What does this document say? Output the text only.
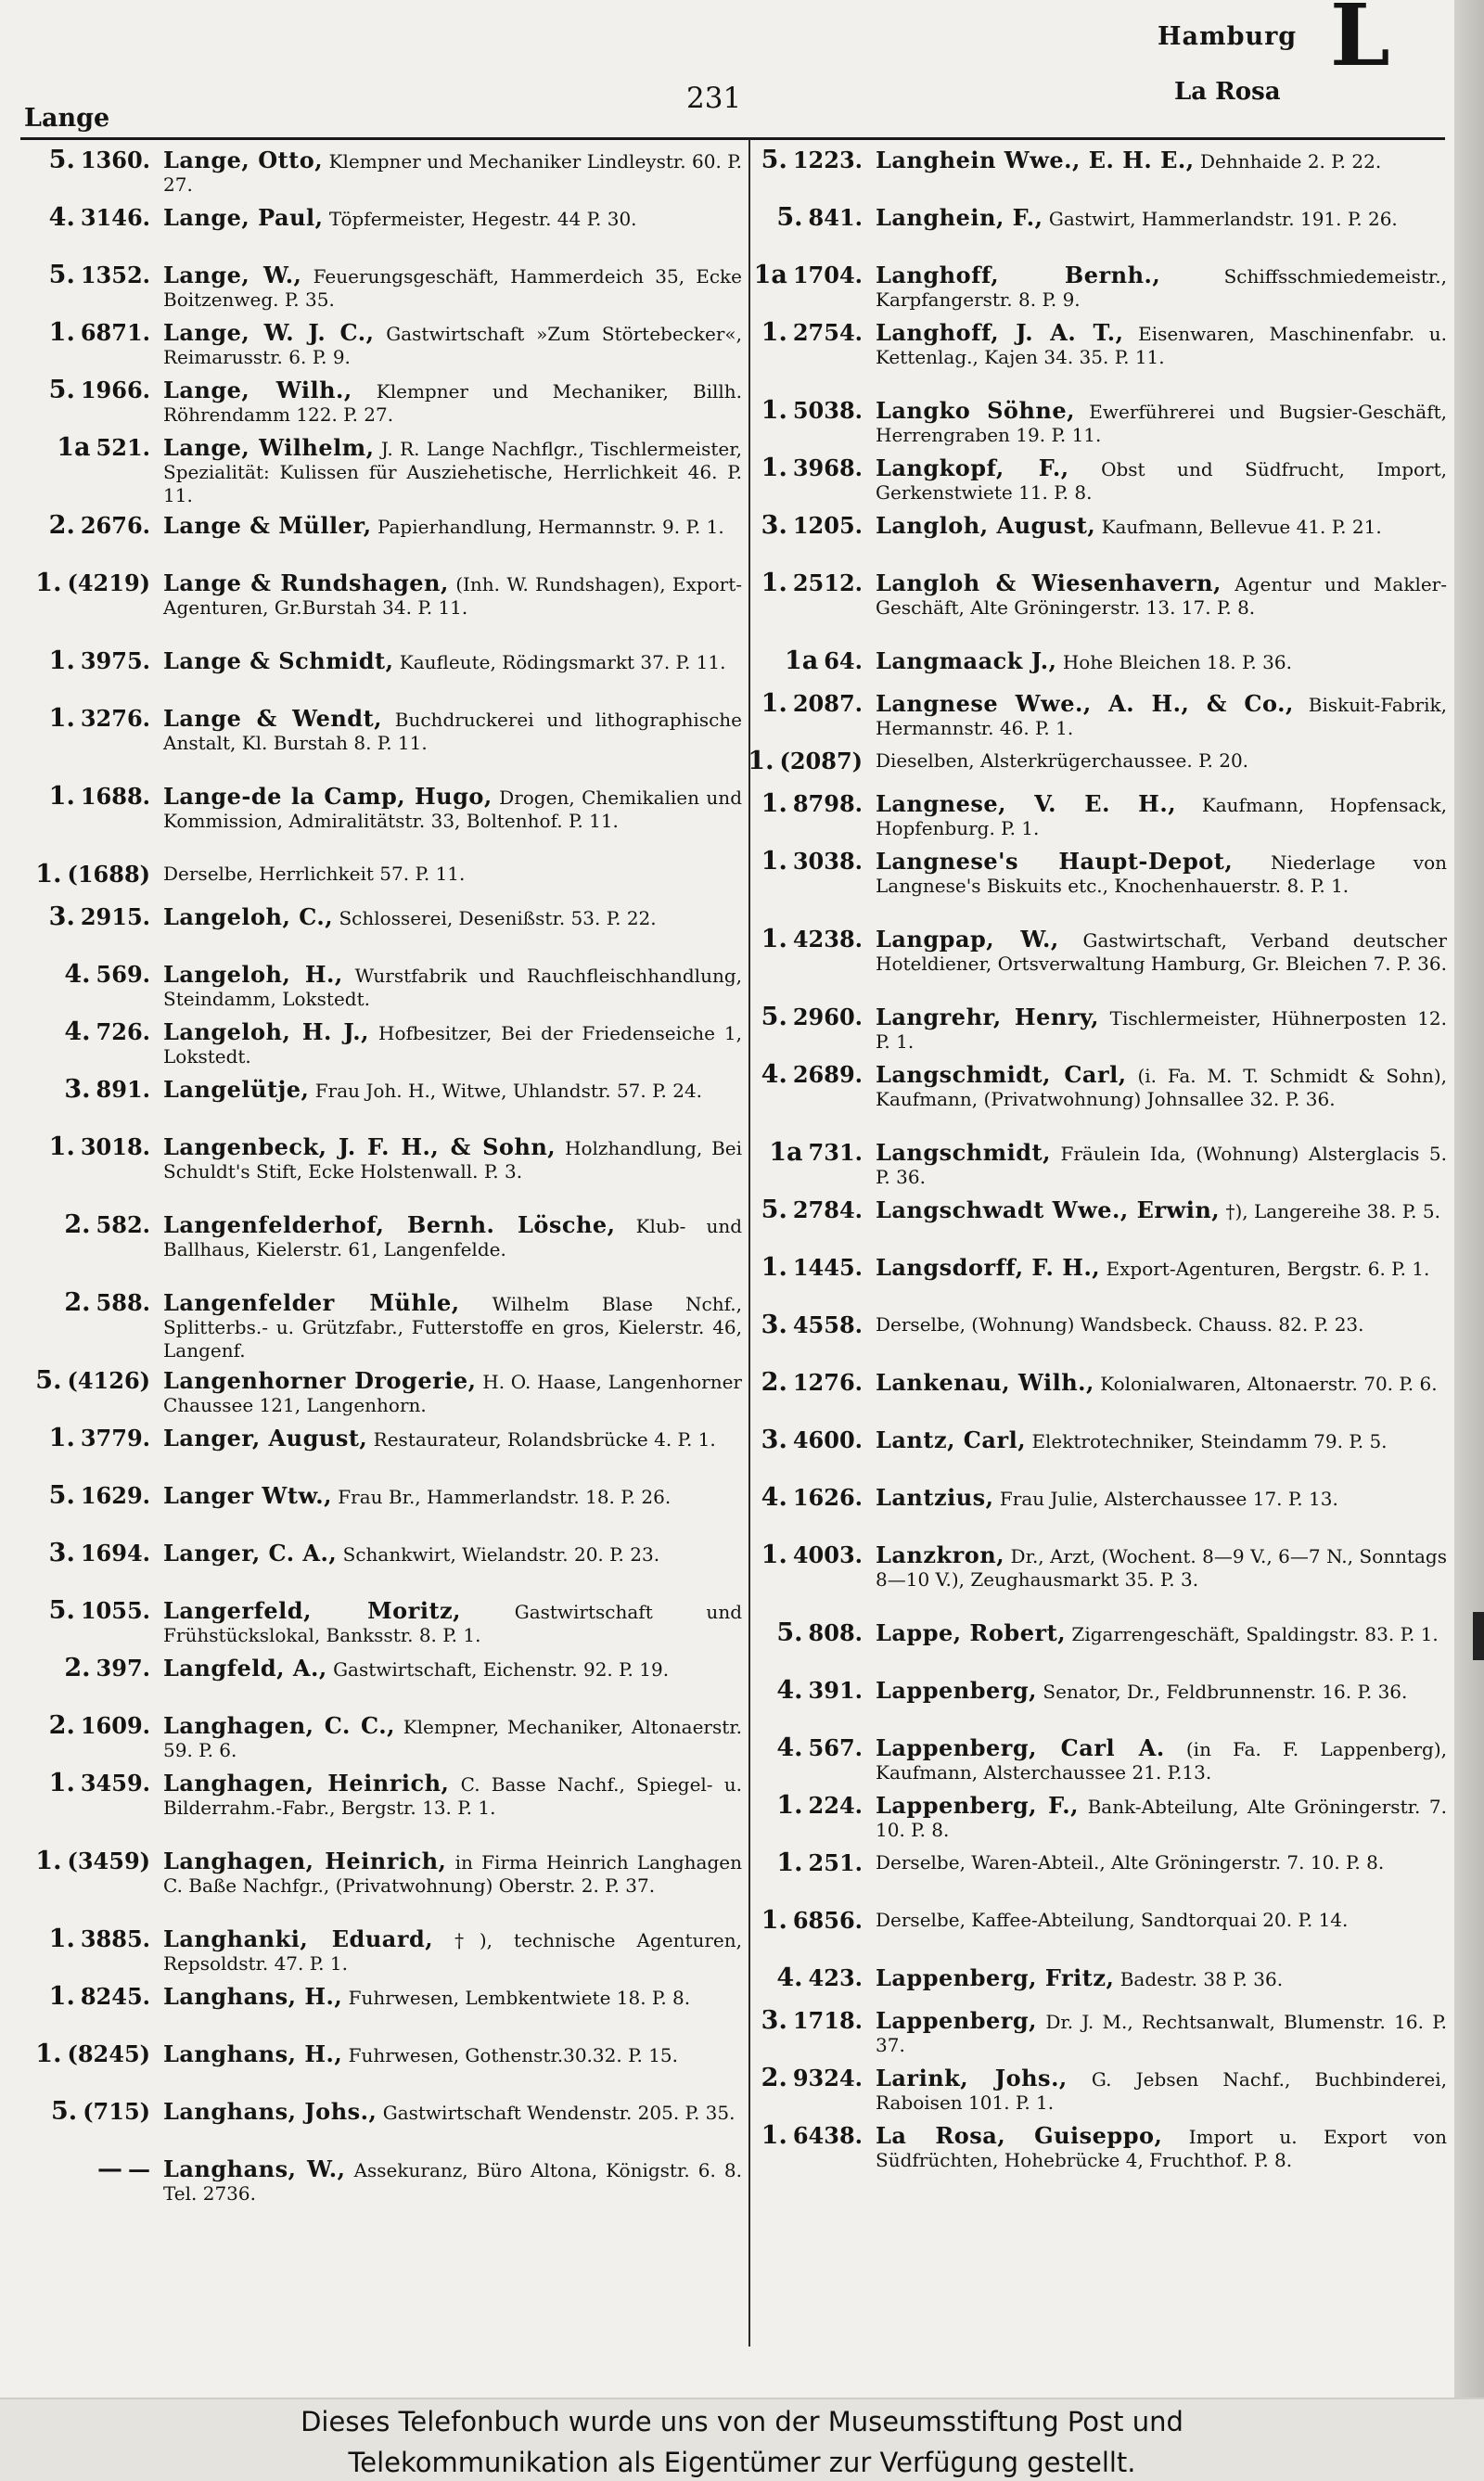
Lange
231
Hamburg
La Rosa
L
5. 1360. Lange, Otto, Klempner und Mechaniker Lindleystr. 60. P. 27.
4. 3146. Lange, Paul, Töpfermeister, Hegestr. 44 P. 30.
5. 1352. Lange, W., Feuerungsgeschäft, Hammerdeich 35, Ecke Boitzenweg. P. 35.
1. 6871. Lange, W. J. C., Gastwirtschaft »Zum Störtebecker«, Reimarusstr. 6. P. 9.
5. 1966. Lange, Wilh., Klempner und Mechaniker, Billh. Röhrendamm 122. P. 27.
1a 521. Lange, Wilhelm, J. R. Lange Nachflgr., Tischlermeister, Spezialität: Kulissen für Ausziehetische, Herrlichkeit 46. P. 11.
2. 2676. Lange & Müller, Papierhandlung, Hermannstr. 9. P. 1.
1. (4219) Lange & Rundshagen, (Inh. W. Rundshagen), Export-Agenturen, Gr.Burstah 34. P. 11.
1. 3975. Lange & Schmidt, Kaufleute, Rödingsmarkt 37. P. 11.
1. 3276. Lange & Wendt, Buchdruckerei und lithographische Anstalt, Kl. Burstah 8. P. 11.
1. 1688. Lange-de la Camp, Hugo, Drogen, Chemikalien und Kommission, Admiralitätstr. 33, Boltenhof. P. 11.
1. (1688) Derselbe, Herrlichkeit 57. P. 11.
3. 2915. Langeloh, C., Schlosserei, Desenißstr. 53. P. 22.
4. 569. Langeloh, H., Wurstfabrik und Rauchfleischhandlung, Steindamm, Lokstedt.
4. 726. Langeloh, H. J., Hofbesitzer, Bei der Friedenseiche 1, Lokstedt.
3. 891. Langelütje, Frau Joh. H., Witwe, Uhlandstr. 57. P. 24.
1. 3018. Langenbeck, J. F. H., & Sohn, Holzhandlung, Bei Schuldt's Stift, Ecke Holstenwall. P. 3.
2. 582. Langenfelderhof, Bernh. Lösche, Klub- und Ballhaus, Kielerstr. 61, Langenfelde.
2. 588. Langenfelder Mühle, Wilhelm Blase Nchf., Splitterbs.- u. Grützfabr., Futterstoffe en gros, Kielerstr. 46, Langenf.
5. (4126) Langenhorner Drogerie, H. O. Haase, Langenhorner Chaussee 121, Langenhorn.
1. 3779. Langer, August, Restaurateur, Rolandsbrücke 4. P. 1.
5. 1629. Langer Wtw., Frau Br., Hammerlandstr. 18. P. 26.
3. 1694. Langer, C. A., Schankwirt, Wielandstr. 20. P. 23.
5. 1055. Langerfeld, Moritz,	Gastwirtschaft und Frühstückslokal, Banksstr. 8. P. 1.
2. 397. Langfeld, A., Gastwirtschaft, Eichenstr. 92. P. 19.
2. 1609. Langhagen, C. C., Klempner, Mechaniker, Altonaerstr. 59. P. 6.
1. 3459. Langhagen, Heinrich, C. Basse Nachf., Spiegel- u. Bilderrahm.-Fabr., Bergstr. 13. P. 1.
1. (3459) Langhagen, Heinrich, in Firma Heinrich Langhagen C. Baße Nachfgr., (Privatwohnung) Oberstr. 2. P. 37.
1. 3885. Langhanki, Eduard, †), technische Agenturen, Repsoldstr. 47. P. 1.
1. 8245. Langhans, H., Fuhrwesen, Lembkentwiete 18. P. 8.
1. (8245) Langhans, H., Fuhrwesen, Gothenstr.30.32. P. 15.
5. (715) Langhans, Johs., Gastwirtschaft Wendenstr. 205. P. 35.
— — Langhans, W., Assekuranz, Büro Altona, Königstr. 6. 8. Tel. 2736.
5. 1223. Langhein Wwe., E. H. E., Dehnhaide 2. P. 22.
5. 841. Langhein, F., Gastwirt, Hammerlandstr. 191. P. 26.
1a 1704. Langhoff, Bernh.,	Schiffsschmiedemeistr., Karpfangerstr. 8. P. 9.
1. 2754. Langhoff, J. A. T., Eisenwaren, Maschinenfabr. u. Kettenlag., Kajen 34. 35. P. 11.
1. 5038. Langko Söhne, Ewerführerei und Bugsier-Geschäft, Herrengraben 19. P. 11.
1. 3968. Langkopf, F., Obst und Südfrucht, Import, Gerkenstwiete 11. P. 8.
3. 1205. Langloh, August, Kaufmann, Bellevue 41. P. 21.
1. 2512. Langloh & Wiesenhavern, Agentur und Makler-Geschäft, Alte Gröningerstr. 13. 17. P. 8.
1a 64. Langmaack J., Hohe Bleichen 18. P. 36.
1. 2087. Langnese Wwe., A. H., & Co., Biskuit-Fabrik, Hermannstr. 46. P. 1.
1. (2087) Dieselben, Alsterkrügerchaussee. P. 20.
1. 8798. Langnese, V. E. H., Kaufmann, Hopfensack, Hopfenburg. P. 1.
1. 3038. Langnese's Haupt-Depot, Niederlage von Langnese's Biskuits etc., Knochenhauerstr. 8. P. 1.
1. 4238. Langpap, W., Gastwirtschaft, Verband deutscher Hoteldiener, Ortsverwaltung Hamburg, Gr. Bleichen 7. P. 36.
5. 2960. Langrehr, Henry, Tischlermeister, Hühnerposten 12. P. 1.
4. 2689. Langschmidt, Carl, (i. Fa. M. T. Schmidt & Sohn), Kaufmann, (Privatwohnung) Johnsallee 32. P. 36.
1a 731. Langschmidt, Fräulein Ida, (Wohnung) Alsterglacis 5. P. 36.
5. 2784. Langschwadt Wwe., Erwin, †), Langereihe 38. P. 5.
1. 1445. Langsdorff, F. H., Export-Agenturen, Bergstr. 6. P. 1.
3. 4558. Derselbe, (Wohnung) Wandsbeck. Chauss. 82. P. 23.
2. 1276. Lankenau, Wilh., Kolonialwaren, Altonaerstr. 70. P. 6.
3. 4600. Lantz, Carl, Elektrotechniker, Steindamm 79. P. 5.
4. 1626. Lantzius, Frau Julie, Alsterchaussee 17. P. 13.
1. 4003. Lanzkron, Dr., Arzt, (Wochent. 8—9 V., 6—7 N., Sonntags 8—10 V.), Zeughausmarkt 35. P. 3.
5. 808. Lappe, Robert, Zigarrengeschäft, Spaldingstr. 83. P. 1.
4. 391. Lappenberg, Senator, Dr., Feldbrunnenstr. 16. P. 36.
4. 567. Lappenberg, Carl A. (in Fa. F. Lappenberg), Kaufmann, Alsterchaussee 21. P.13.
1. 224. Lappenberg, F., Bank-Abteilung, Alte Gröningerstr. 7. 10. P. 8.
1. 251. Derselbe, Waren-Abteil., Alte Gröningerstr. 7. 10. P. 8.
1. 6856. Derselbe, Kaffee-Abteilung, Sandtorquai 20. P. 14.
4. 423. Lappenberg, Fritz, Badestr. 38 P. 36.
3. 1718. Lappenberg, Dr. J. M., Rechtsanwalt, Blumenstr. 16. P. 37.
2. 9324. Larink, Johs., G. Jebsen Nachf., Buchbinderei, Raboisen 101. P. 1.
1. 6438. La Rosa, Guiseppo, Import u. Export von Südfrüchten, Hohebrücke 4, Fruchthof. P. 8.
Dieses Telefonbuch wurde uns von der Museumsstiftung Post und
Telekommunikation als Eigentümer zur Verfügung gestellt.
